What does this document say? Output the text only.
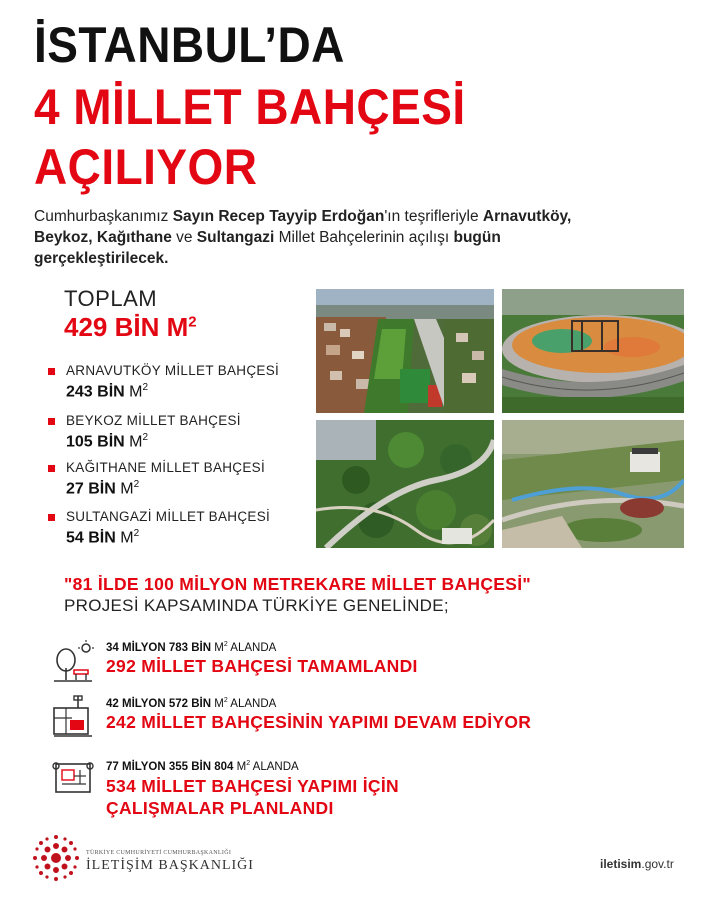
İSTANBUL’DA
4 MİLLET BAHÇESİ
AÇILIYOR
Cumhurbaşkanımız Sayın Recep Tayyip Erdoğan'ın teşrifleriyle Arnavutköy,
Beykoz, Kağıthane ve Sultangazi Millet Bahçelerinin açılışı bugün
gerçekleştirilecek.
TOPLAM
429 BİN $M^2$
ARNAVUTKÖY MİLLET BAHÇESİ
243 BİN $M^2$
BEYKOZ MİLLET BAHÇESİ
105 BİN $M^2$
KAĞITHANE MİLLET BAHÇESİ
27 BİN $M^2$
SULTANGAZİ MİLLET BAHÇESİ
54 BİN $M^2$
"81 İLDE 100 MİLYON METREKARE MİLLET BAHÇESİ"
PROJESİ KAPSAMINDA TÜRKİYE GENELİNDE;
34 MİLYON 783 BİN $M^2$ ALANDA
292 MİLLET BAHÇESİ TAMAMLANDI
42 MİLYON 572 BİN $M^2$ ALANDA
242 MİLLET BAHÇESİNİN YAPIMI DEVAM EDİYOR
77 MİLYON 355 BİN 804 $M^2$ ALANDA
534 MİLLET BAHÇESİ YAPIMI İÇİN
ÇALIŞMALAR PLANLANDI
TÜRKİYE CUMHURİYETİ CUMHURBAŞKANLIĞI
İLETİŞİM BAŞKANLIĞI	iletisim.gov.tr
